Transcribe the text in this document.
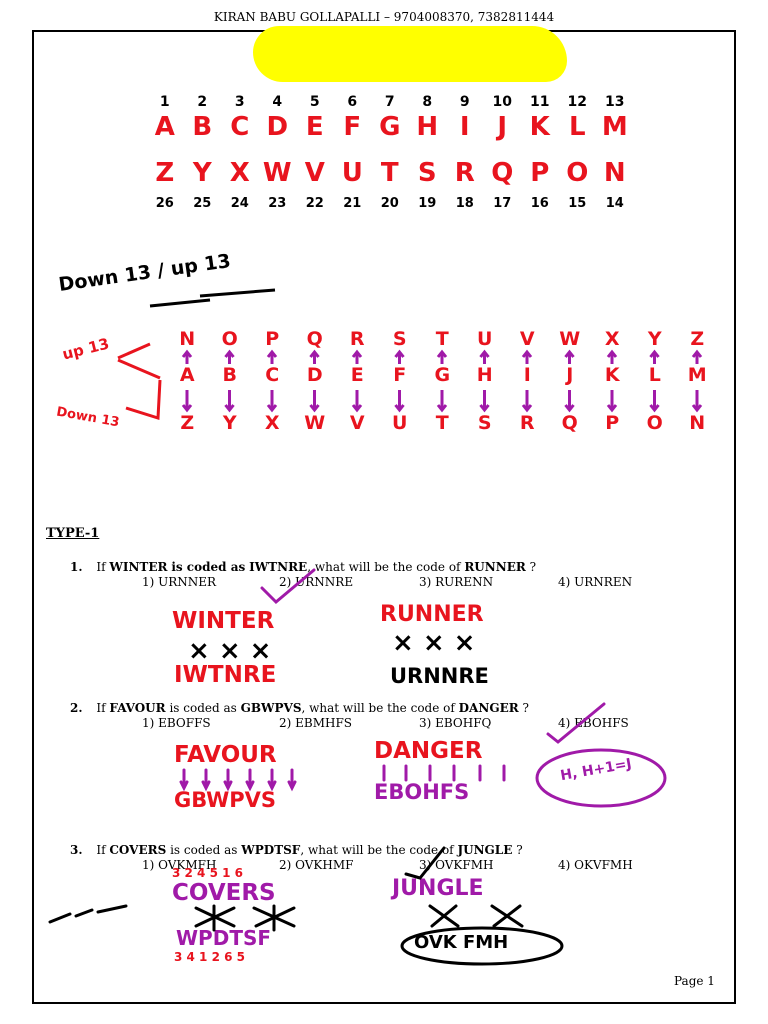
KIRAN BABU GOLLAPALLI – 9704008370, 7382811444
1	2	3	4	5	6	7	8	9	10	11	12	13
A B C D E F G H I	J K L M
Z Y X W V U T S R Q P O N
26	25	24	23	22	21	20	19	18	17	16	15	14
Down 13 / up 13
up 13
Down 13
N	O	P	Q	R	S	T	U	V	W	X	Y	Z
A	B	C	D	E	F	G	H	I	J	K	L	M
Z	Y	X	W	V	U	T	S	R	Q	P	O	N
TYPE-1
1. If WINTER is coded as IWTNRE, what will be the code of RUNNER ?
1) URNNER	2) URNNRE	3) RURENN	4) URNREN
WINTER
× × ×
IWTNRE
RUNNER
× × ×
URNNRE
2. If FAVOUR is coded as GBWPVS, what will be the code of DANGER ?
1) EBOFFS	2) EBMHFS	3) EBOHFQ	4) EBOHFS
FAVOUR
GBWPVS
DANGER
EBOHFS
H, H+1=J
3. If COVERS is coded as WPDTSF, what will be the code of JUNGLE ?
1) OVKMFH	2) OVKHMF	3) OVKFMH	4) OKVFMH
3 2 4 5 1 6
COVERS
WPDTSF
3 4 1 2 6 5
JUNGLE
OVK FMH
Page 1
